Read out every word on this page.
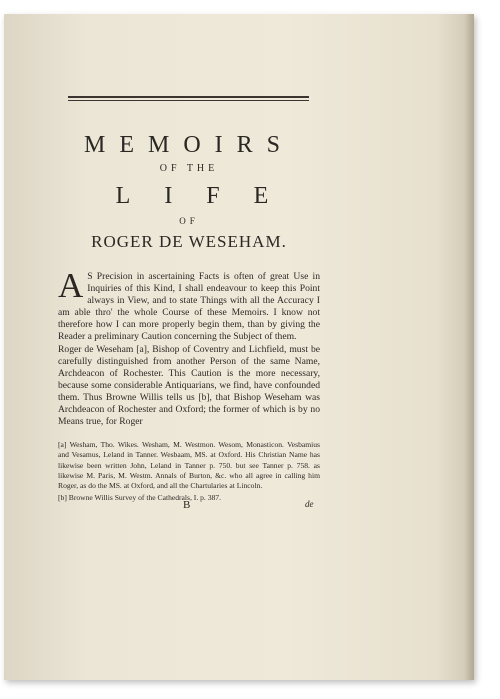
MEMOIRS
OF THE
LIFE
OF
ROGER DE WESEHAM.

A S Precision in ascertaining Facts is often of great Use in Inquiries of this Kind, I shall endeavour to keep this Point always in View, and to state Things with all the Accuracy I am able thro' the whole Course of these Memoirs. I know not therefore how I can more properly begin them, than by giving the Reader a preliminary Caution concerning the Subject of them.

Roger de Weseham [a], Bishop of Coventry and Lichfield, must be carefully distinguished from another Person of the same Name, Archdeacon of Rochester. This Caution is the more necessary, because some considerable Antiquarians, we find, have confounded them. Thus Browne Willis tells us [b], that Bishop Weseham was Archdeacon of Rochester and Oxford; the former of which is by no Means true, for Roger

[a] Wesham, Tho. Wikes. Wesham, M. Westmon. Wesom, Monasticon. Vesbamius and Vesamus, Leland in Tanner. Wesbaam, MS. at Oxford. His Christian Name has likewise been written John, Leland in Tanner p. 750. but see Tanner p. 758. as likewise M. Paris, M. Westm. Annals of Burton, &c. who all agree in calling him Roger, as do the MS. at Oxford, and all the Chartularies at Lincoln.
[b] Browne Willis Survey of the Cathedrals, I. p. 387.
B	de
